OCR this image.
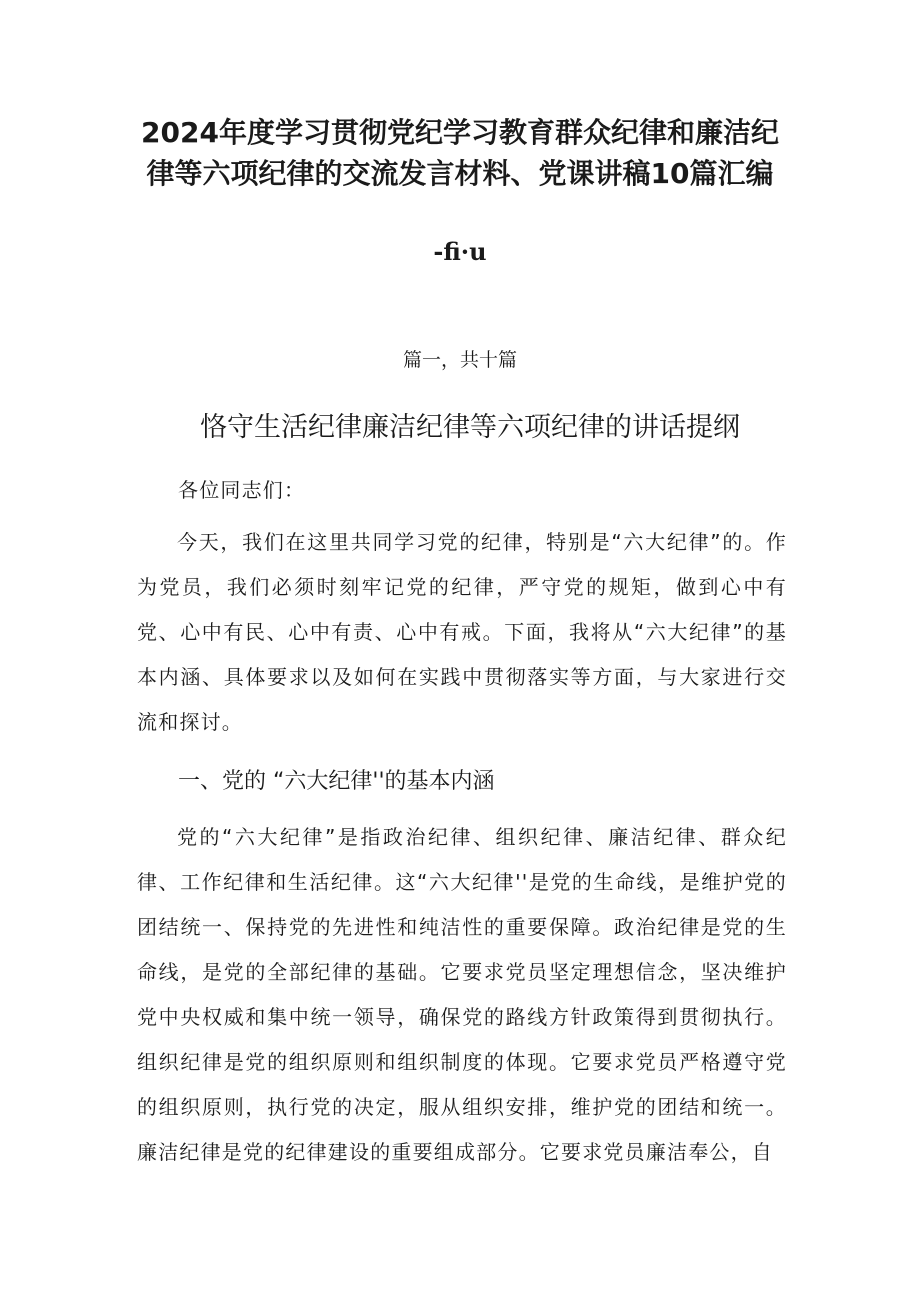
2024年度学习贯彻党纪学习教育群众纪律和廉洁纪律等六项纪律的交流发言材料、党课讲稿10篇汇编
-fi·u
篇一，共十篇
恪守生活纪律廉洁纪律等六项纪律的讲话提纲
各位同志们：
今天，我们在这里共同学习党的纪律，特别是“六大纪律”的。作为党员，我们必须时刻牢记党的纪律，严守党的规矩，做到心中有党、心中有民、心中有责、心中有戒。下面，我将从“六大纪律”的基本内涵、具体要求以及如何在实践中贯彻落实等方面，与大家进行交流和探讨。
一、党的 “六大纪律''的基本内涵
党的“六大纪律”是指政治纪律、组织纪律、廉洁纪律、群众纪律、工作纪律和生活纪律。这“六大纪律''是党的生命线，是维护党的团结统一、保持党的先进性和纯洁性的重要保障。政治纪律是党的生命线，是党的全部纪律的基础。它要求党员坚定理想信念，坚决维护党中央权威和集中统一领导，确保党的路线方针政策得到贯彻执行。组织纪律是党的组织原则和组织制度的体现。它要求党员严格遵守党的组织原则，执行党的决定，服从组织安排，维护党的团结和统一。廉洁纪律是党的纪律建设的重要组成部分。它要求党员廉洁奉公，自
